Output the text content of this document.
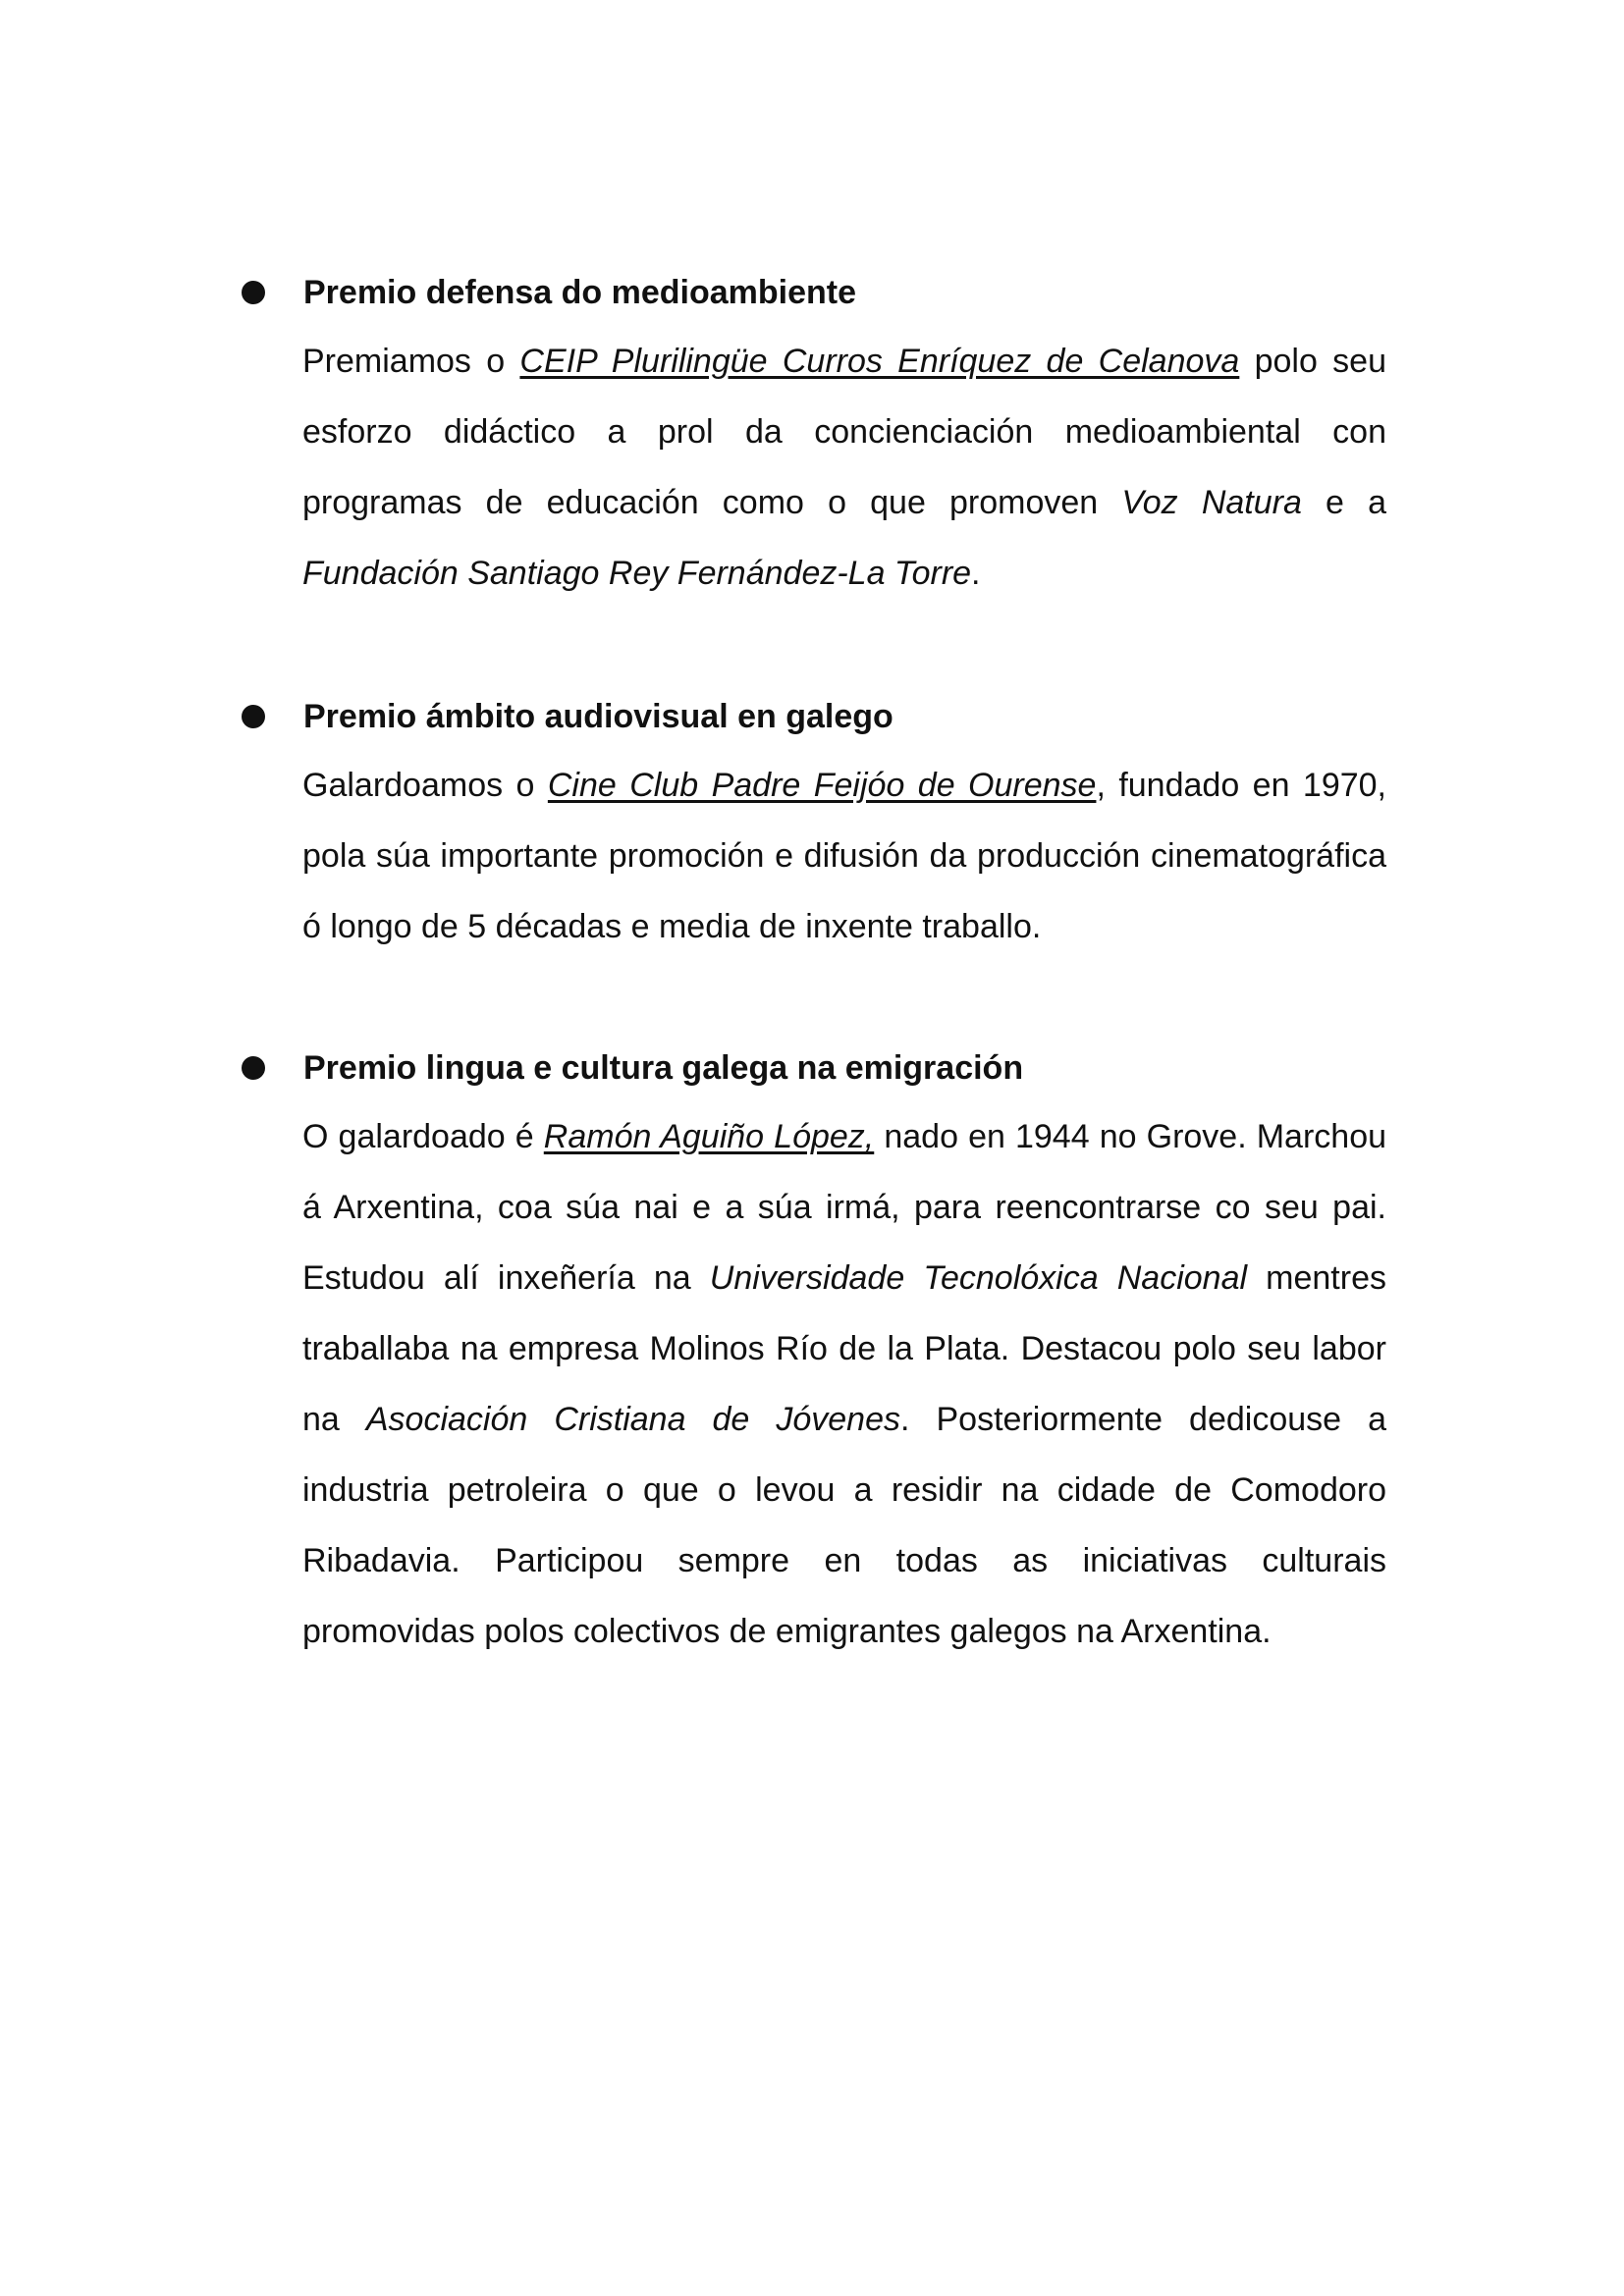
Premio defensa do medioambiente
Premiamos o CEIP Plurilingüe Curros Enríquez de Celanova polo seu esforzo didáctico a prol da concienciación medioambiental con programas de educación como o que promoven Voz Natura e a Fundación Santiago Rey Fernández-La Torre.
Premio ámbito audiovisual en galego
Galardoamos o Cine Club Padre Feijóo de Ourense, fundado en 1970, pola súa importante promoción e difusión da producción cinematográfica ó longo de 5 décadas e media de inxente traballo.
Premio lingua e cultura galega na emigración
O galardoado é Ramón Aguiño López, nado en 1944 no Grove. Marchou á Arxentina, coa súa nai e a súa irmá, para reencontrarse co seu pai. Estudou alí inxeñería na Universidade Tecnolóxica Nacional mentres traballaba na empresa Molinos Río de la Plata. Destacou polo seu labor na Asociación Cristiana de Jóvenes. Posteriormente dedicouse a industria petroleira o que o levou a residir na cidade de Comodoro Ribadavia. Participou sempre en todas as iniciativas culturais promovidas polos colectivos de emigrantes galegos na Arxentina.
